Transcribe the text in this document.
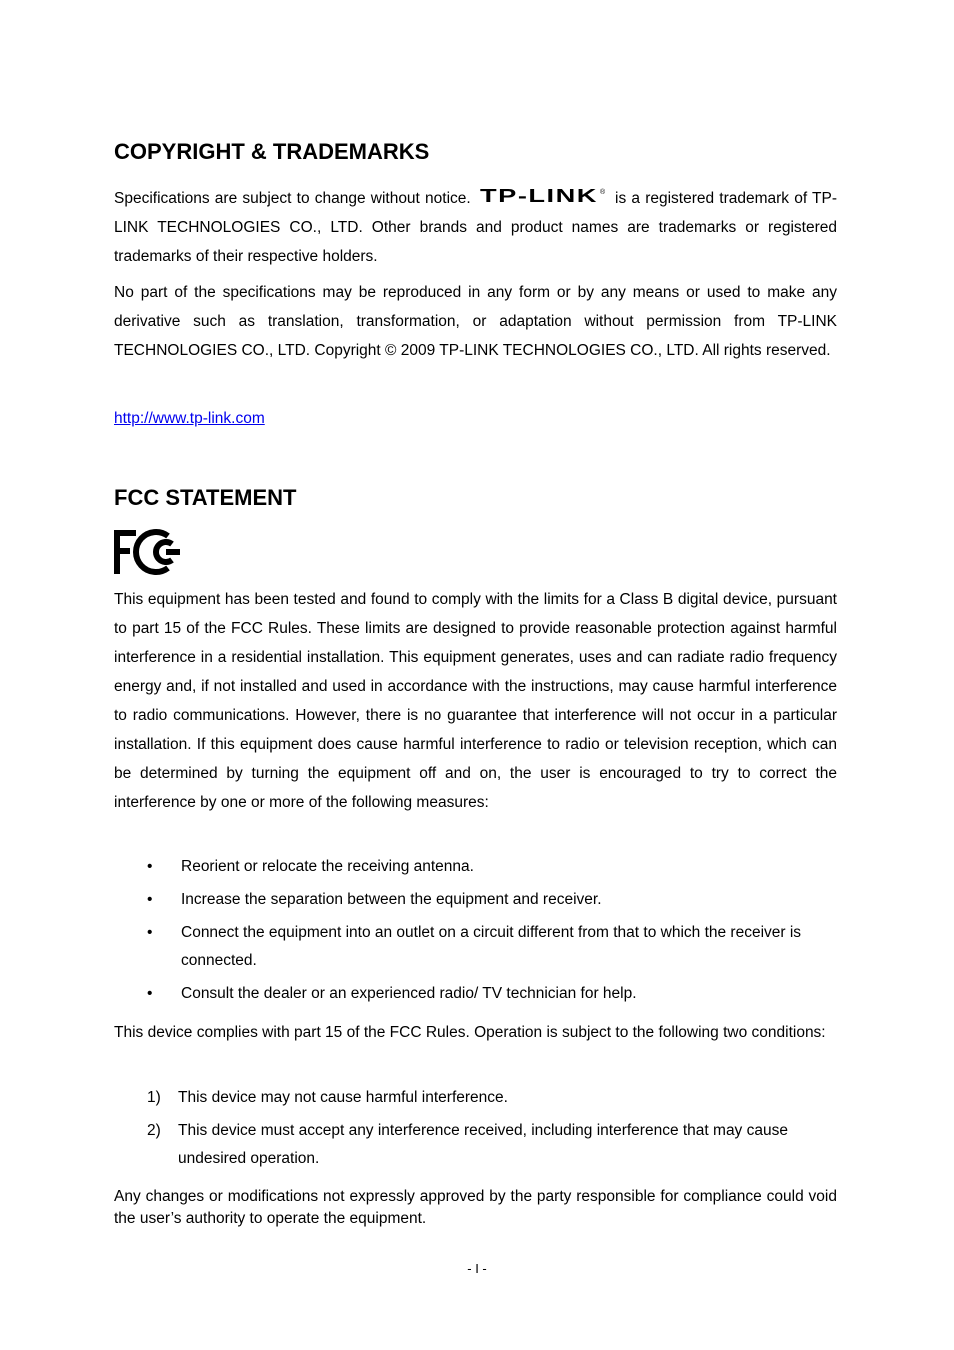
COPYRIGHT & TRADEMARKS

Specifications are subject to change without notice. TP-LINK ® is a registered trademark of TP-LINK TECHNOLOGIES CO., LTD. Other brands and product names are trademarks or registered trademarks of their respective holders.

No part of the specifications may be reproduced in any form or by any means or used to make any derivative such as translation, transformation, or adaptation without permission from TP-LINK TECHNOLOGIES CO., LTD. Copyright © 2009 TP-LINK TECHNOLOGIES CO., LTD. All rights reserved.

http://www.tp-link.com
FCC STATEMENT
FC

This equipment has been tested and found to comply with the limits for a Class B digital device, pursuant to part 15 of the FCC Rules. These limits are designed to provide reasonable protection against harmful interference in a residential installation. This equipment generates, uses and can radiate radio frequency energy and, if not installed and used in accordance with the instructions, may cause harmful interference to radio communications. However, there is no guarantee that interference will not occur in a particular installation. If this equipment does cause harmful interference to radio or television reception, which can be determined by turning the equipment off and on, the user is encouraged to try to correct the interference by one or more of the following measures:

• Reorient or relocate the receiving antenna.
• Increase the separation between the equipment and receiver.
• Connect the equipment into an outlet on a circuit different from that to which the receiver is connected.
• Consult the dealer or an experienced radio/ TV technician for help.

This device complies with part 15 of the FCC Rules. Operation is subject to the following two conditions:

1) This device may not cause harmful interference.
2) This device must accept any interference received, including interference that may cause undesired operation.

Any changes or modifications not expressly approved by the party responsible for compliance could void the user’s authority to operate the equipment.

- I -
